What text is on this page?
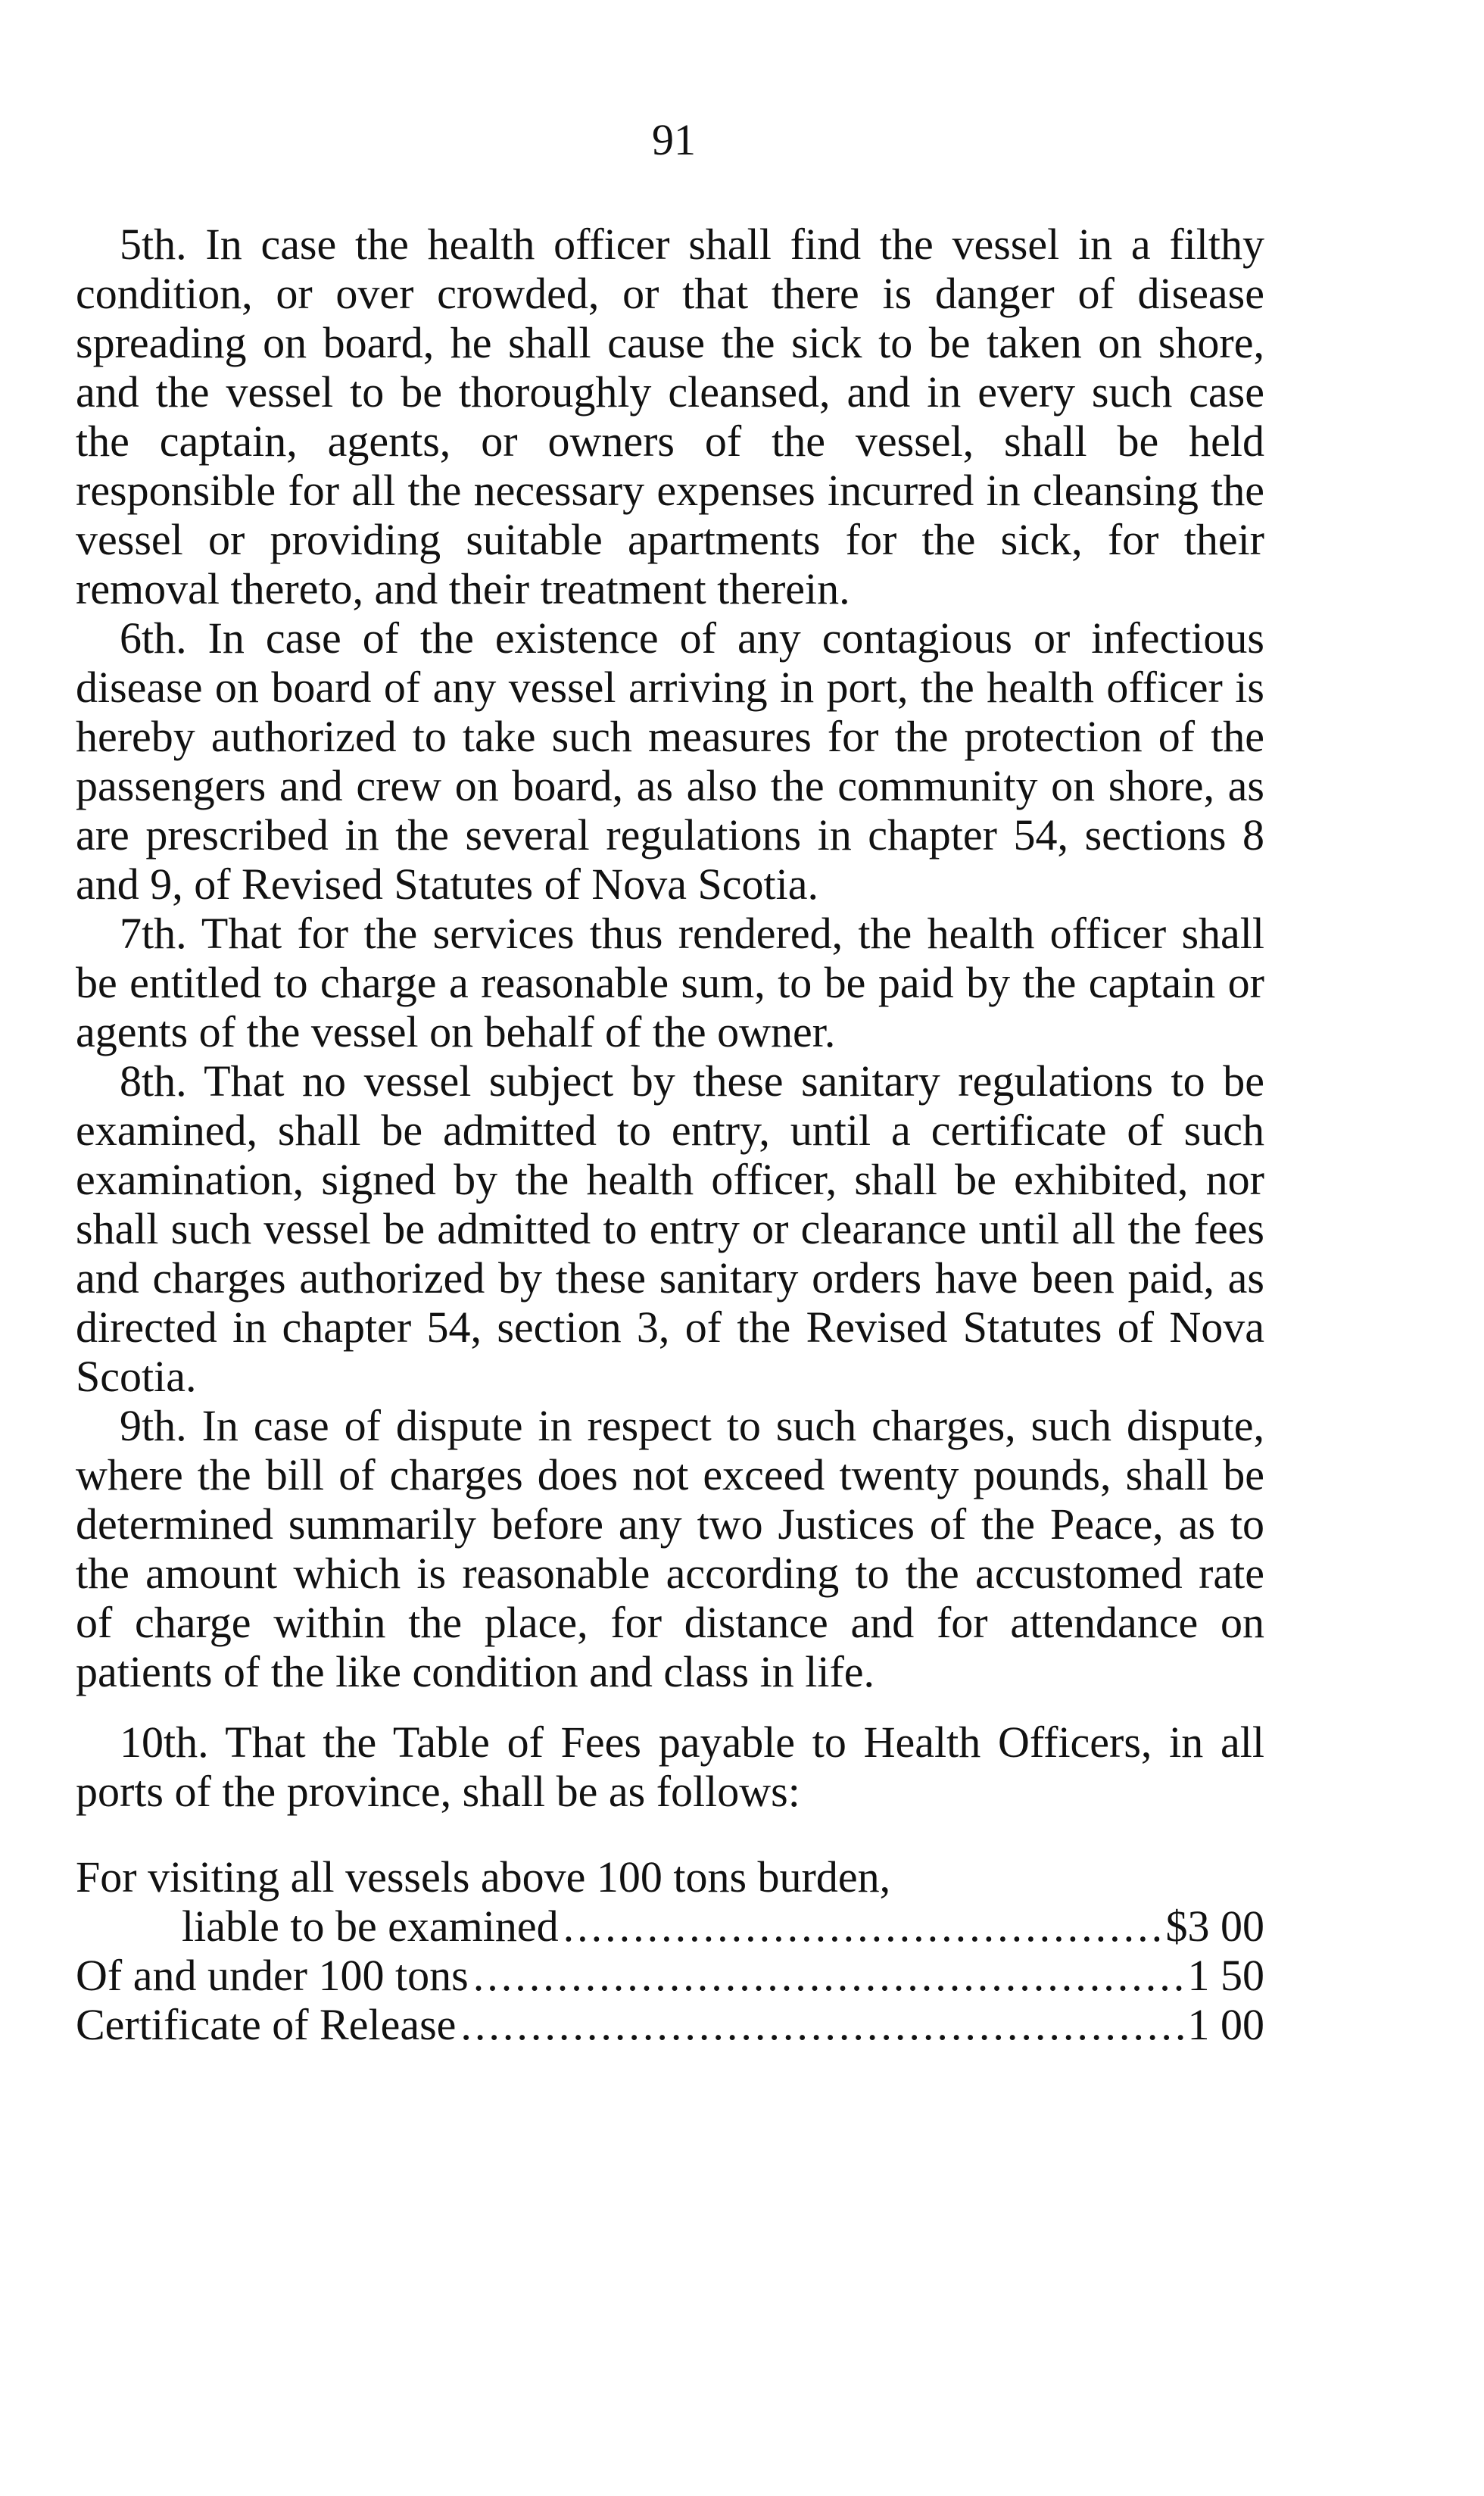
91

5th. In case the health officer shall find the vessel in a filthy condition, or over crowded, or that there is danger of disease spreading on board, he shall cause the sick to be taken on shore, and the vessel to be thoroughly cleansed, and in every such case the captain, agents, or owners of the vessel, shall be held responsible for all the necessary expenses incurred in cleansing the vessel or providing suitable apartments for the sick, for their removal thereto, and their treatment therein.

6th. In case of the existence of any contagious or infectious disease on board of any vessel arriving in port, the health officer is hereby authorized to take such measures for the protection of the passengers and crew on board, as also the community on shore, as are prescribed in the several regulations in chapter 54, sections 8 and 9, of Revised Statutes of Nova Scotia.

7th. That for the services thus rendered, the health officer shall be entitled to charge a reasonable sum, to be paid by the captain or agents of the vessel on behalf of the owner.

8th. That no vessel subject by these sanitary regulations to be examined, shall be admitted to entry, until a certificate of such examination, signed by the health officer, shall be exhibited, nor shall such vessel be admitted to entry or clearance until all the fees and charges authorized by these sanitary orders have been paid, as directed in chapter 54, section 3, of the Revised Statutes of Nova Scotia.

9th. In case of dispute in respect to such charges, such dispute, where the bill of charges does not exceed twenty pounds, shall be determined summarily before any two Justices of the Peace, as to the amount which is reasonable according to the accustomed rate of charge within the place, for distance and for attendance on patients of the like condition and class in life.

10th. That the Table of Fees payable to Health Officers, in all ports of the province, shall be as follows:

For visiting all vessels above 100 tons burden,

liable to be examined .....	$3 00
Of and under 100 tons .....	1 50
Certificate of Release .....	1 00
